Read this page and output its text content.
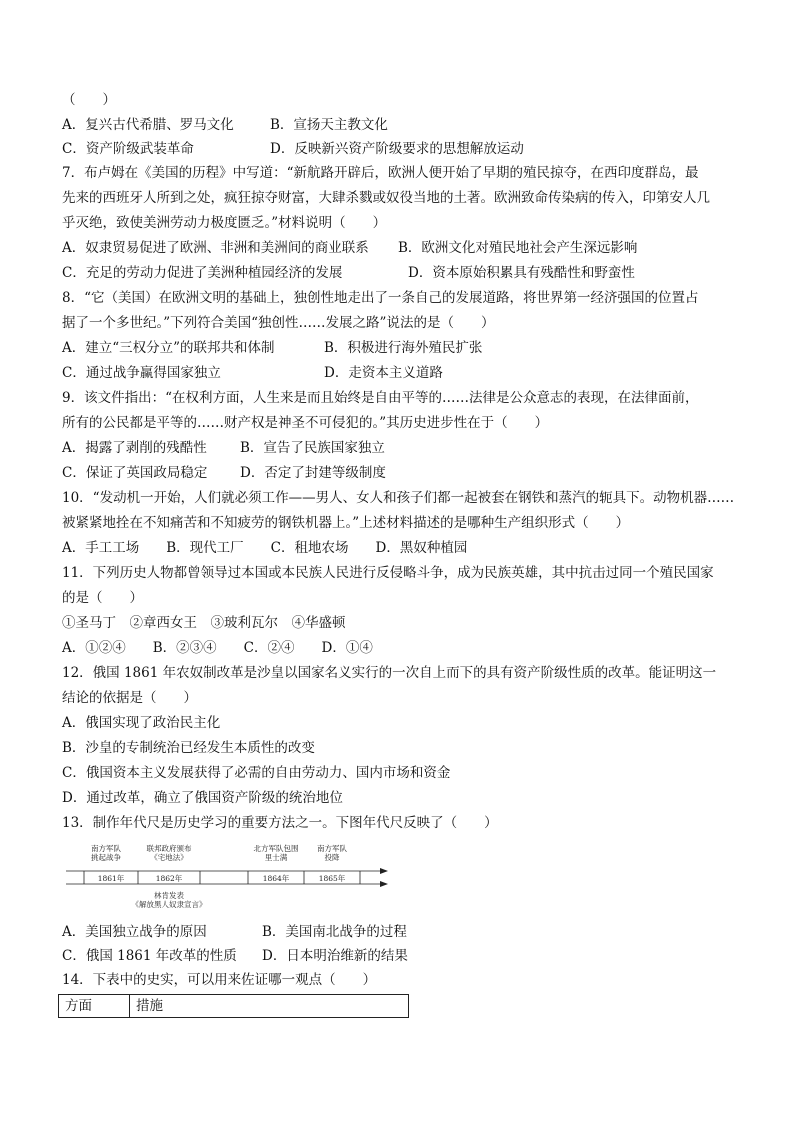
（　　）
A．复兴古代希腊、罗马文化	B．宣扬天主教文化
C．资产阶级武装革命	D．反映新兴资产阶级要求的思想解放运动
7．布卢姆在《美国的历程》中写道：“新航路开辟后，欧洲人便开始了早期的殖民掠夺，在西印度群岛，最
先来的西班牙人所到之处，疯狂掠夺财富，大肆杀戮或奴役当地的土著。欧洲致命传染病的传入，印第安人几
乎灭绝，致使美洲劳动力极度匮乏。”材料说明（　　）
A．奴隶贸易促进了欧洲、非洲和美洲间的商业联系 B．欧洲文化对殖民地社会产生深远影响
C．充足的劳动力促进了美洲种植园经济的发展	D．资本原始积累具有残酷性和野蛮性
8．“它（美国）在欧洲文明的基础上，独创性地走出了一条自己的发展道路，将世界第一经济强国的位置占
据了一个多世纪。”下列符合美国“独创性……发展之路”说法的是（　　）
A．建立“三权分立”的联邦共和体制	B．积极进行海外殖民扩张
C．通过战争赢得国家独立	D．走资本主义道路
9．该文件指出：“在权利方面，人生来是而且始终是自由平等的……法律是公众意志的表现，在法律面前，
所有的公民都是平等的……财产权是神圣不可侵犯的。”其历史进步性在于（　　）
A．揭露了剥削的残酷性 B．宣告了民族国家独立
C．保证了英国政局稳定 D．否定了封建等级制度
10．“发动机一开始，人们就必须工作——男人、女人和孩子们都一起被套在钢铁和蒸汽的轭具下。动物机器……
被紧紧地拴在不知痛苦和不知疲劳的钢铁机器上。”上述材料描述的是哪种生产组织形式（　　）
A．手工工场　　B．现代工厂　　C．租地农场　　D．黑奴种植园
11．下列历史人物都曾领导过本国或本民族人民进行反侵略斗争，成为民族英雄，其中抗击过同一个殖民国家
的是（　　）
①圣马丁　②章西女王　③玻利瓦尔　④华盛顿
A．①②④　　B．②③④　　C．②④　　D．①④
12．俄国 1861 年农奴制改革是沙皇以国家名义实行的一次自上而下的具有资产阶级性质的改革。能证明这一
结论的依据是（　　）
A．俄国实现了政治民主化
B．沙皇的专制统治已经发生本质性的改变
C．俄国资本主义发展获得了必需的自由劳动力、国内市场和资金
D．通过改革，确立了俄国资产阶级的统治地位
13．制作年代尺是历史学习的重要方法之一。下图年代尺反映了（　　）
南方军队
挑起战争
联邦政府颁布
《宅地法》
北方军队包围
里士满
南方军队
投降
1861年	1862年	1864年	1865年
林肯发表
《解放黑人奴隶宣言》
A．美国独立战争的原因	B．美国南北战争的过程
C．俄国 1861 年改革的性质 D．日本明治维新的结果
14．下表中的史实，可以用来佐证哪一观点（　　）
方面	措施
